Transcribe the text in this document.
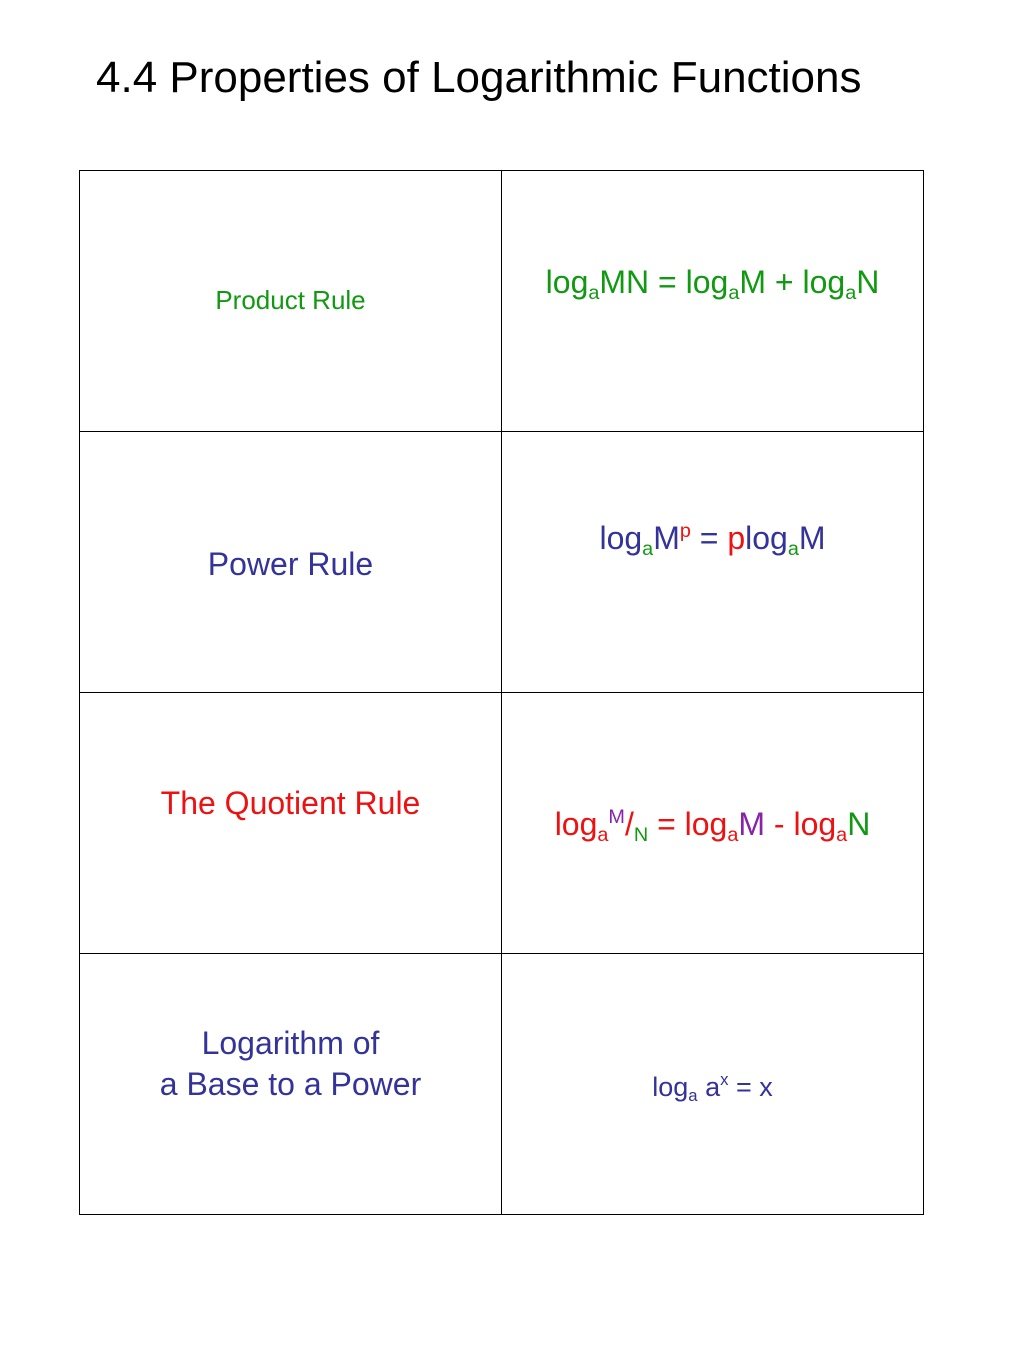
4.4 Properties of Logarithmic Functions
Product Rule	$\log_aMN = \log_aM + \log_aN$
Power Rule	$\log_aM^p = plog_aM$
The Quotient Rule	$\log_a^M/_N = \log_aM - \log_aN$

Logarithm of
a Base to a Power	$\log_a a^x = x$
